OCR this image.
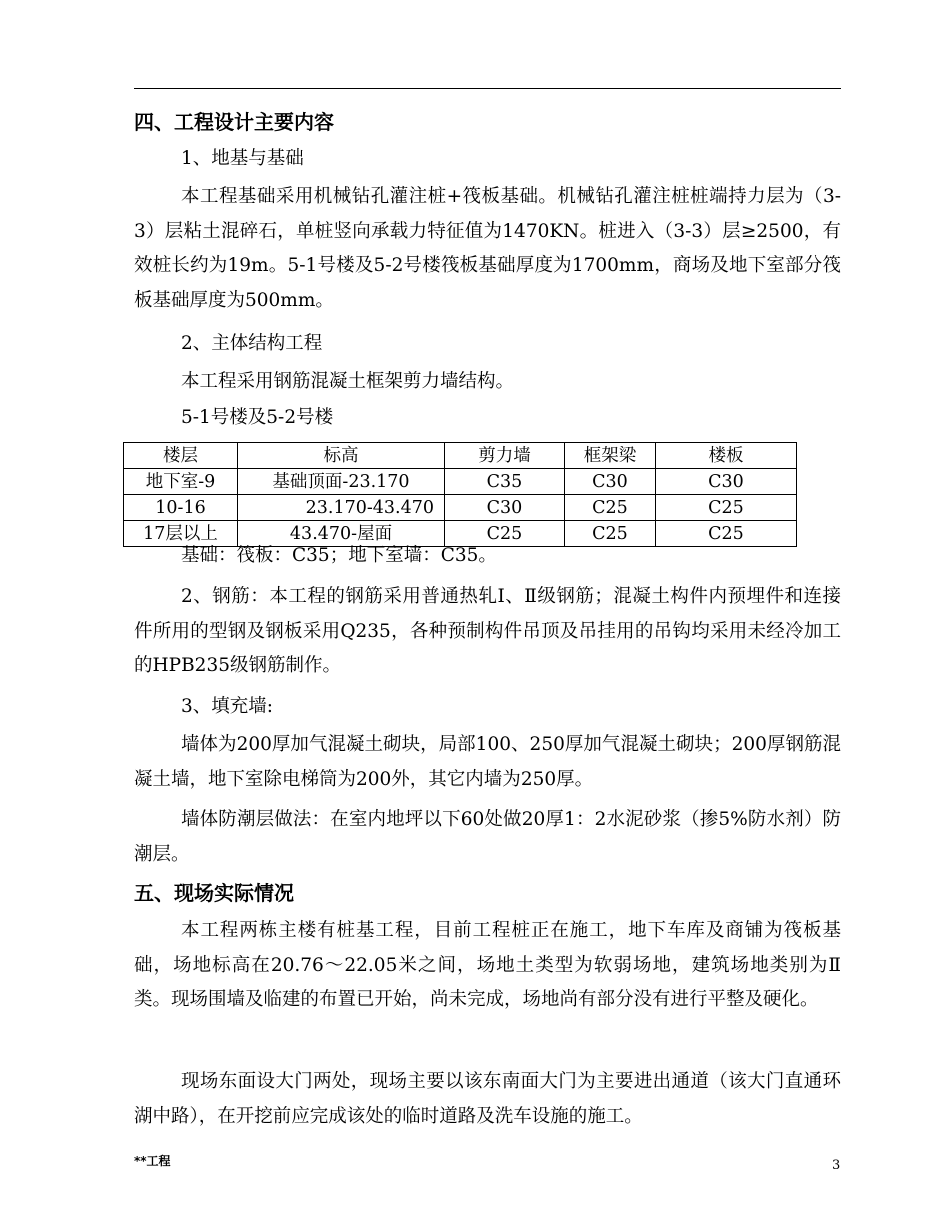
四、工程设计主要内容
1、地基与基础
本工程基础采用机械钻孔灌注桩+筏板基础。机械钻孔灌注桩桩端持力层为（3-3）层粘土混碎石，单桩竖向承载力特征值为1470KN。桩进入（3-3）层≥2500，有效桩长约为19m。5-1号楼及5-2号楼筏板基础厚度为1700mm，商场及地下室部分筏板基础厚度为500mm。
2、主体结构工程
本工程采用钢筋混凝土框架剪力墙结构。
5-1号楼及5-2号楼
楼层	标高	剪力墙	框架梁	楼板
地下室-9	基础顶面-23.170	C35	C30	C30
10-16	23.170-43.470	C30	C25	C25
17层以上	43.470-屋面	C25	C25	C25
基础：筏板：C35；地下室墙：C35。
2、钢筋：本工程的钢筋采用普通热轧Ⅰ、Ⅱ级钢筋；混凝土构件内预埋件和连接件所用的型钢及钢板采用Q235，各种预制构件吊顶及吊挂用的吊钩均采用未经冷加工的HPB235级钢筋制作。
3、填充墙:
墙体为200厚加气混凝土砌块，局部100、250厚加气混凝土砌块；200厚钢筋混凝土墙，地下室除电梯筒为200外，其它内墙为250厚。
墙体防潮层做法：在室内地坪以下60处做20厚1：2水泥砂浆（掺5%防水剂）防潮层。
五、现场实际情况
本工程两栋主楼有桩基工程，目前工程桩正在施工，地下车库及商铺为筏板基础，场地标高在20.76～22.05米之间，场地土类型为软弱场地，建筑场地类别为Ⅱ类。现场围墙及临建的布置已开始，尚未完成，场地尚有部分没有进行平整及硬化。
现场东面设大门两处，现场主要以该东南面大门为主要进出通道（该大门直通环湖中路），在开挖前应完成该处的临时道路及洗车设施的施工。
**工程	3
